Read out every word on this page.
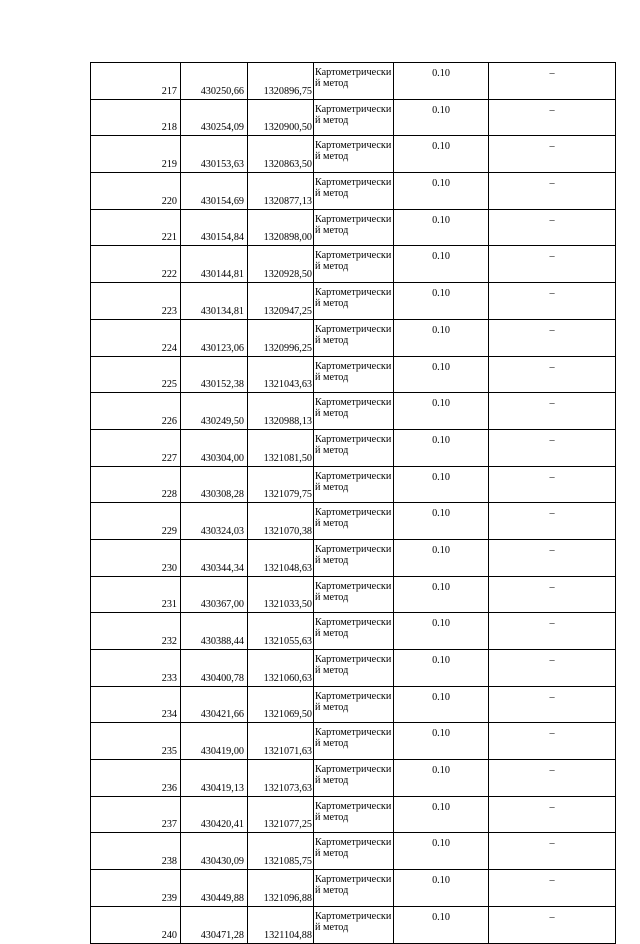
217	430250,66	1320896,75	Картометрический метод	0.10	–
218	430254,09	1320900,50	Картометрический метод	0.10	–
219	430153,63	1320863,50	Картометрический метод	0.10	–
220	430154,69	1320877,13	Картометрический метод	0.10	–
221	430154,84	1320898,00	Картометрический метод	0.10	–
222	430144,81	1320928,50	Картометрический метод	0.10	–
223	430134,81	1320947,25	Картометрический метод	0.10	–
224	430123,06	1320996,25	Картометрический метод	0.10	–
225	430152,38	1321043,63	Картометрический метод	0.10	–
226	430249,50	1320988,13	Картометрический метод	0.10	–
227	430304,00	1321081,50	Картометрический метод	0.10	–
228	430308,28	1321079,75	Картометрический метод	0.10	–
229	430324,03	1321070,38	Картометрический метод	0.10	–
230	430344,34	1321048,63	Картометрический метод	0.10	–
231	430367,00	1321033,50	Картометрический метод	0.10	–
232	430388,44	1321055,63	Картометрический метод	0.10	–
233	430400,78	1321060,63	Картометрический метод	0.10	–
234	430421,66	1321069,50	Картометрический метод	0.10	–
235	430419,00	1321071,63	Картометрический метод	0.10	–
236	430419,13	1321073,63	Картометрический метод	0.10	–
237	430420,41	1321077,25	Картометрический метод	0.10	–
238	430430,09	1321085,75	Картометрический метод	0.10	–
239	430449,88	1321096,88	Картометрический метод	0.10	–
240	430471,28	1321104,88	Картометрический метод	0.10	–
